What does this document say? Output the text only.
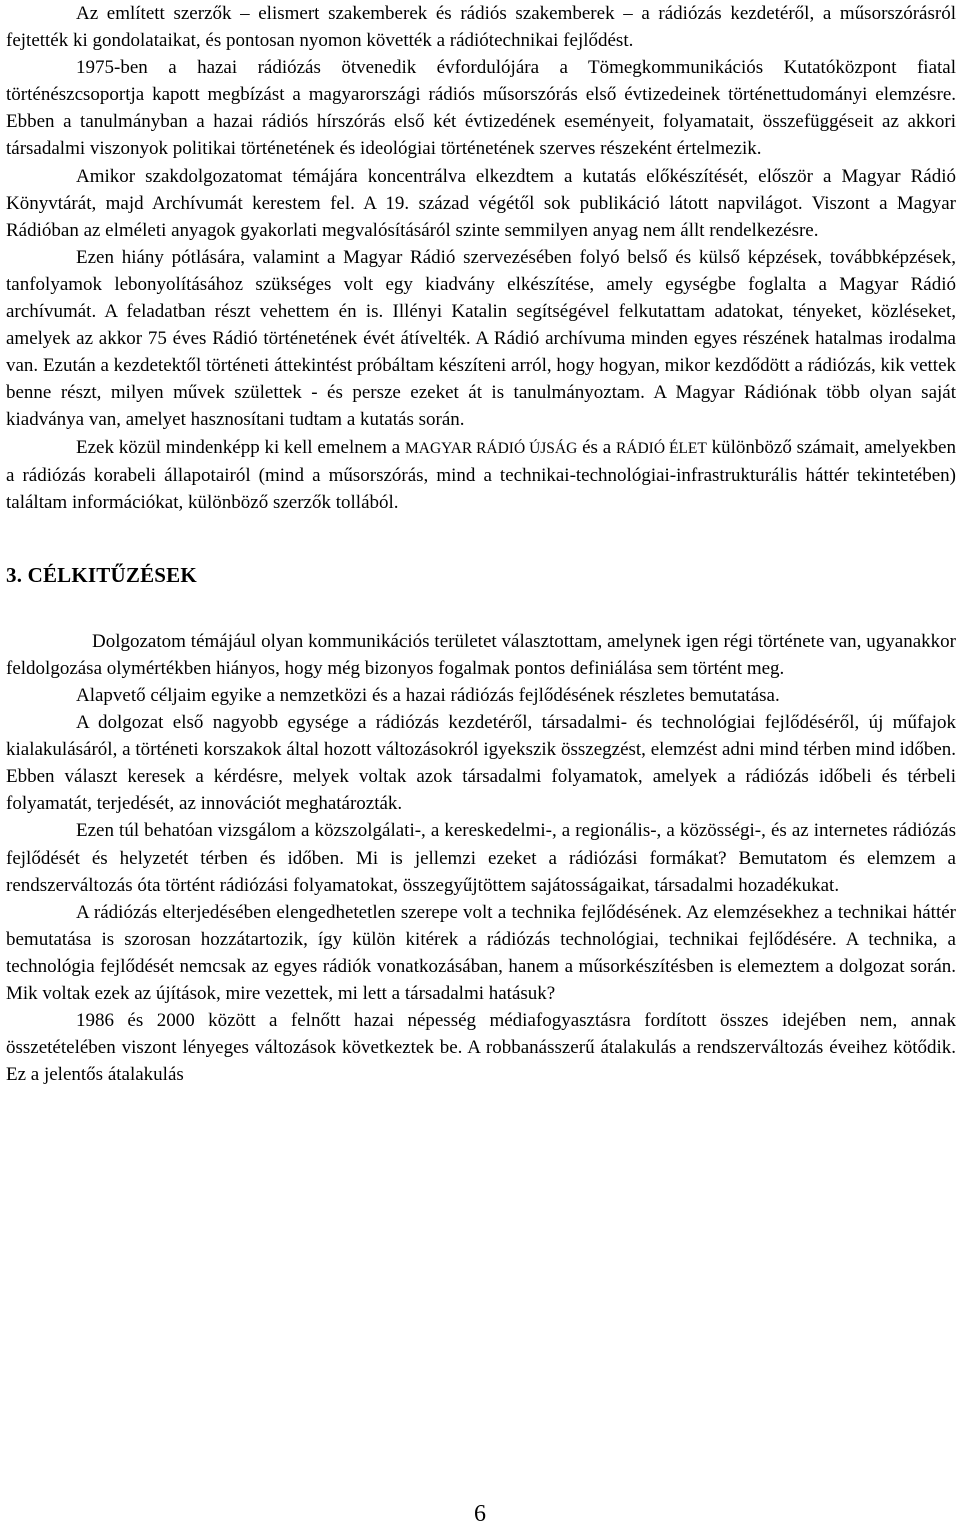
Az említett szerzők – elismert szakemberek és rádiós szakemberek – a rádiózás kezdetéről, a műsorszórásról fejtették ki gondolataikat, és pontosan nyomon követték a rádiótechnikai fejlődést.

1975-ben a hazai rádiózás ötvenedik évfordulójára a Tömegkommunikációs Kutatóközpont fiatal történészcsoportja kapott megbízást a magyarországi rádiós műsorszórás első évtizedeinek történettudományi elemzésre. Ebben a tanulmányban a hazai rádiós hírszórás első két évtizedének eseményeit, folyamatait, összefüggéseit az akkori társadalmi viszonyok politikai történetének és ideológiai történetének szerves részeként értelmezik.

Amikor szakdolgozatomat témájára koncentrálva elkezdtem a kutatás előkészítését, először a Magyar Rádió Könyvtárát, majd Archívumát kerestem fel. A 19. század végétől sok publikáció látott napvilágot. Viszont a Magyar Rádióban az elméleti anyagok gyakorlati megvalósításáról szinte semmilyen anyag nem állt rendelkezésre.

Ezen hiány pótlására, valamint a Magyar Rádió szervezésében folyó belső és külső képzések, továbbképzések, tanfolyamok lebonyolításához szükséges volt egy kiadvány elkészítése, amely egységbe foglalta a Magyar Rádió archívumát. A feladatban részt vehettem én is. Illényi Katalin segítségével felkutattam adatokat, tényeket, közléseket, amelyek az akkor 75 éves Rádió történetének évét átívelték. A Rádió archívuma minden egyes részének hatalmas irodalma van. Ezután a kezdetektől történeti áttekintést próbáltam készíteni arról, hogy hogyan, mikor kezdődött a rádiózás, kik vettek benne részt, milyen művek születtek - és persze ezeket át is tanulmányoztam. A Magyar Rádiónak több olyan saját kiadványa van, amelyet hasznosítani tudtam a kutatás során.

Ezek közül mindenképp ki kell emelnem a MAGYAR RÁDIÓ ÚJSÁG és a RÁDIÓ ÉLET különböző számait, amelyekben a rádiózás korabeli állapotairól (mind a műsorszórás, mind a technikai-technológiai-infrastrukturális háttér tekintetében) találtam információkat, különböző szerzők tollából.

3. CÉLKITŰZÉSEK

Dolgozatom témájául olyan kommunikációs területet választottam, amelynek igen régi története van, ugyanakkor feldolgozása olymértékben hiányos, hogy még bizonyos fogalmak pontos definiálása sem történt meg.

Alapvető céljaim egyike a nemzetközi és a hazai rádiózás fejlődésének részletes bemutatása.

A dolgozat első nagyobb egysége a rádiózás kezdetéről, társadalmi- és technológiai fejlődéséről, új műfajok kialakulásáról, a történeti korszakok által hozott változásokról igyekszik összegzést, elemzést adni mind térben mind időben. Ebben választ keresek a kérdésre, melyek voltak azok társadalmi folyamatok, amelyek a rádiózás időbeli és térbeli folyamatát, terjedését, az innovációt meghatározták.

Ezen túl behatóan vizsgálom a közszolgálati-, a kereskedelmi-, a regionális-, a közösségi-, és az internetes rádiózás fejlődését és helyzetét térben és időben. Mi is jellemzi ezeket a rádiózási formákat? Bemutatom és elemzem a rendszerváltozás óta történt rádiózási folyamatokat, összegyűjtöttem sajátosságaikat, társadalmi hozadékukat.

A rádiózás elterjedésében elengedhetetlen szerepe volt a technika fejlődésének. Az elemzésekhez a technikai háttér bemutatása is szorosan hozzátartozik, így külön kitérek a rádiózás technológiai, technikai fejlődésére. A technika, a technológia fejlődését nemcsak az egyes rádiók vonatkozásában, hanem a műsorkészítésben is elemeztem a dolgozat során. Mik voltak ezek az újítások, mire vezettek, mi lett a társadalmi hatásuk?

1986 és 2000 között a felnőtt hazai népesség médiafogyasztásra fordított összes idejében nem, annak összetételében viszont lényeges változások következtek be. A robbanásszerű átalakulás a rendszerváltozás éveihez kötődik. Ez a jelentős átalakulás

6
